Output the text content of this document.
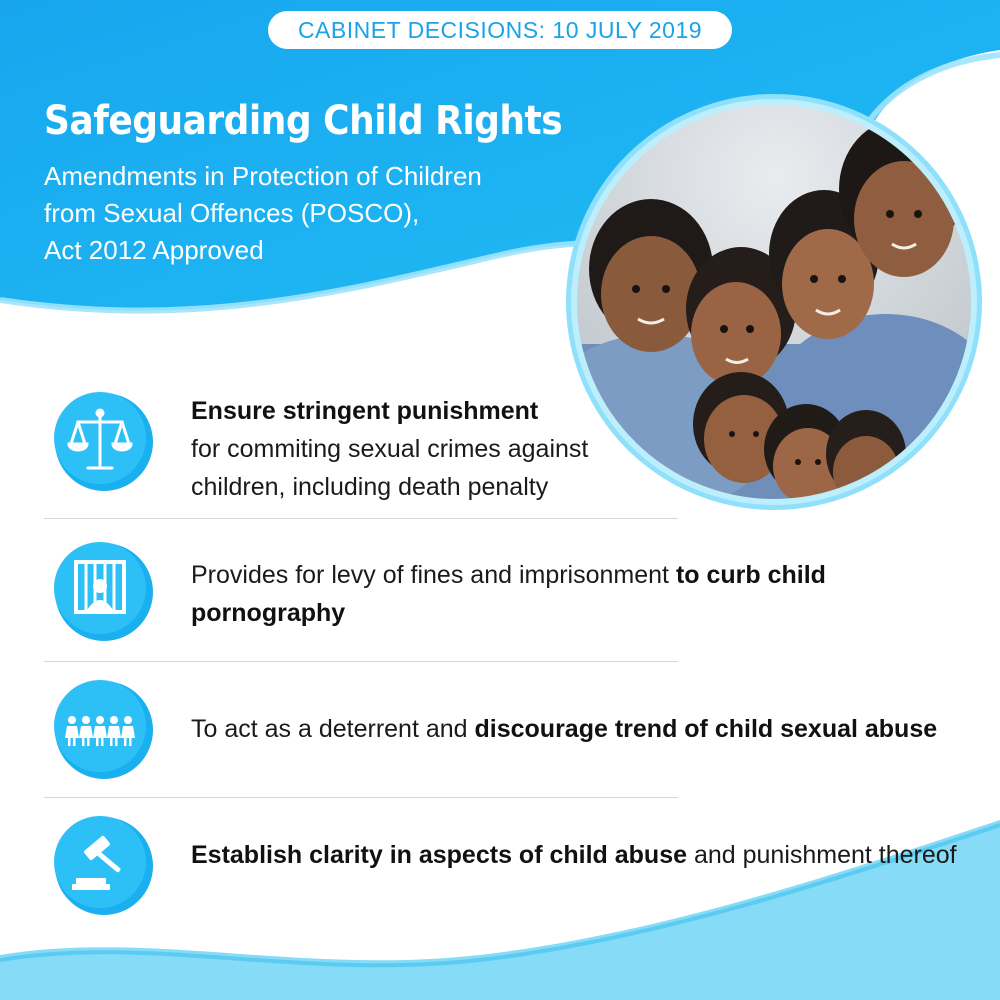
CABINET DECISIONS: 10 JULY 2019
Safeguarding Child Rights

Amendments in Protection of Children
from Sexual Offences (POSCO),
Act 2012 Approved

Ensure stringent punishment
for commiting sexual crimes against children, including death penalty
Provides for levy of fines and imprisonment to curb child pornography
To act as a deterrent and discourage trend of child sexual abuse
Establish clarity in aspects of child abuse and punishment thereof
